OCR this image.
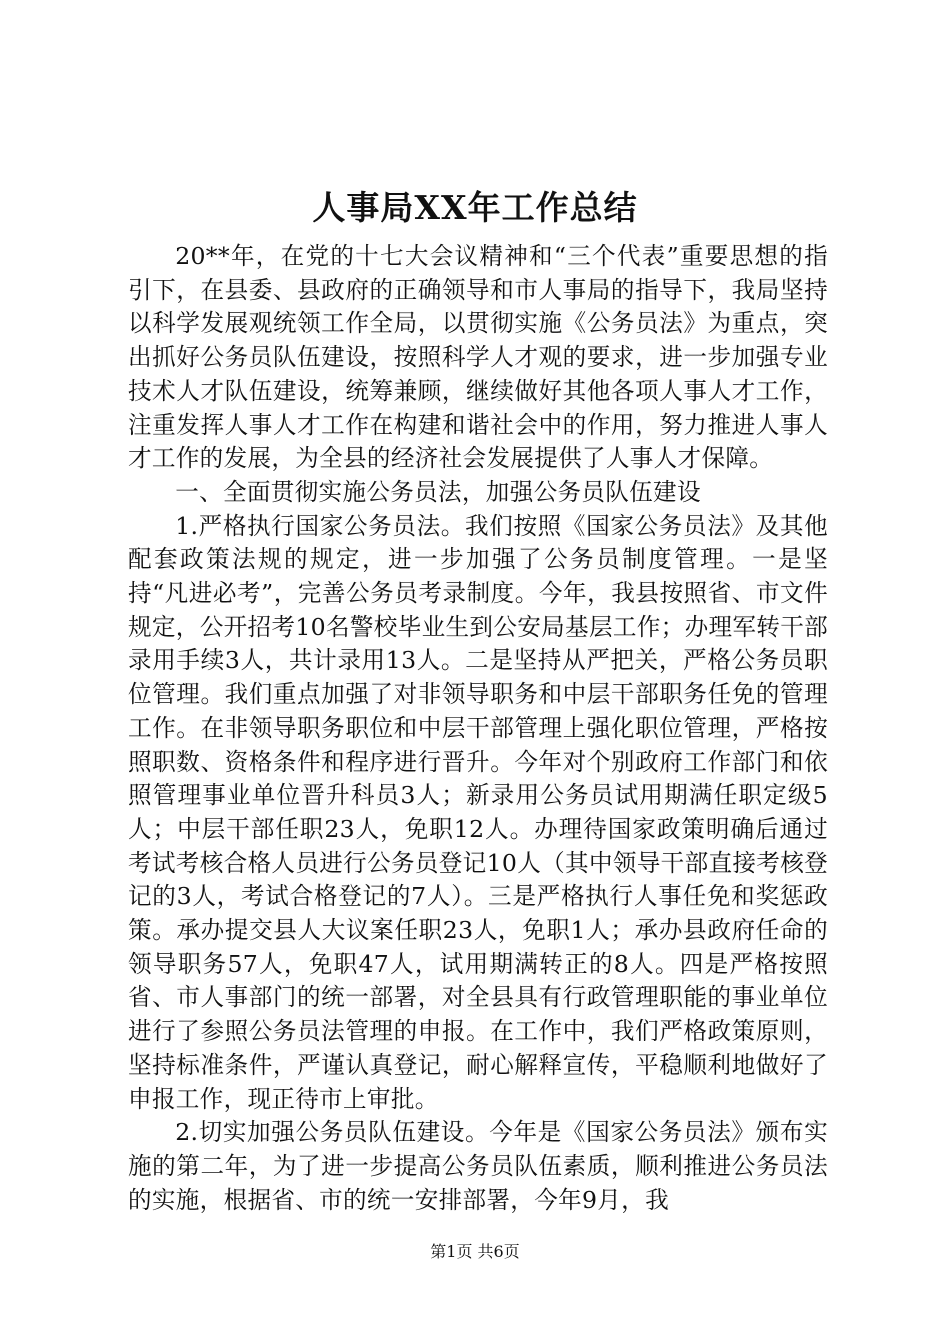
人事局XX年工作总结

20**年，在党的十七大会议精神和“三个代表”重要思想的指引下，在县委、县政府的正确领导和市人事局的指导下，我局坚持以科学发展观统领工作全局，以贯彻实施《公务员法》为重点，突出抓好公务员队伍建设，按照科学人才观的要求，进一步加强专业技术人才队伍建设，统筹兼顾，继续做好其他各项人事人才工作，注重发挥人事人才工作在构建和谐社会中的作用，努力推进人事人才工作的发展，为全县的经济社会发展提供了人事人才保障。

一、全面贯彻实施公务员法，加强公务员队伍建设

1.严格执行国家公务员法。我们按照《国家公务员法》及其他配套政策法规的规定，进一步加强了公务员制度管理。一是坚持“凡进必考”，完善公务员考录制度。今年，我县按照省、市文件规定，公开招考10名警校毕业生到公安局基层工作；办理军转干部录用手续3人，共计录用13人。二是坚持从严把关，严格公务员职位管理。我们重点加强了对非领导职务和中层干部职务任免的管理工作。在非领导职务职位和中层干部管理上强化职位管理，严格按照职数、资格条件和程序进行晋升。今年对个别政府工作部门和依照管理事业单位晋升科员3人；新录用公务员试用期满任职定级5人；中层干部任职23人，免职12人。办理待国家政策明确后通过考试考核合格人员进行公务员登记10人（其中领导干部直接考核登记的3人，考试合格登记的7人）。三是严格执行人事任免和奖惩政策。承办提交县人大议案任职23人，免职1人；承办县政府任命的领导职务57人，免职47人，试用期满转正的8人。四是严格按照省、市人事部门的统一部署，对全县具有行政管理职能的事业单位进行了参照公务员法管理的申报。在工作中，我们严格政策原则，坚持标准条件，严谨认真登记，耐心解释宣传，平稳顺利地做好了申报工作，现正待市上审批。

2.切实加强公务员队伍建设。今年是《国家公务员法》颁布实施的第二年，为了进一步提高公务员队伍素质，顺利推进公务员法的实施，根据省、市的统一安排部署，今年9月，我

第1页 共6页
